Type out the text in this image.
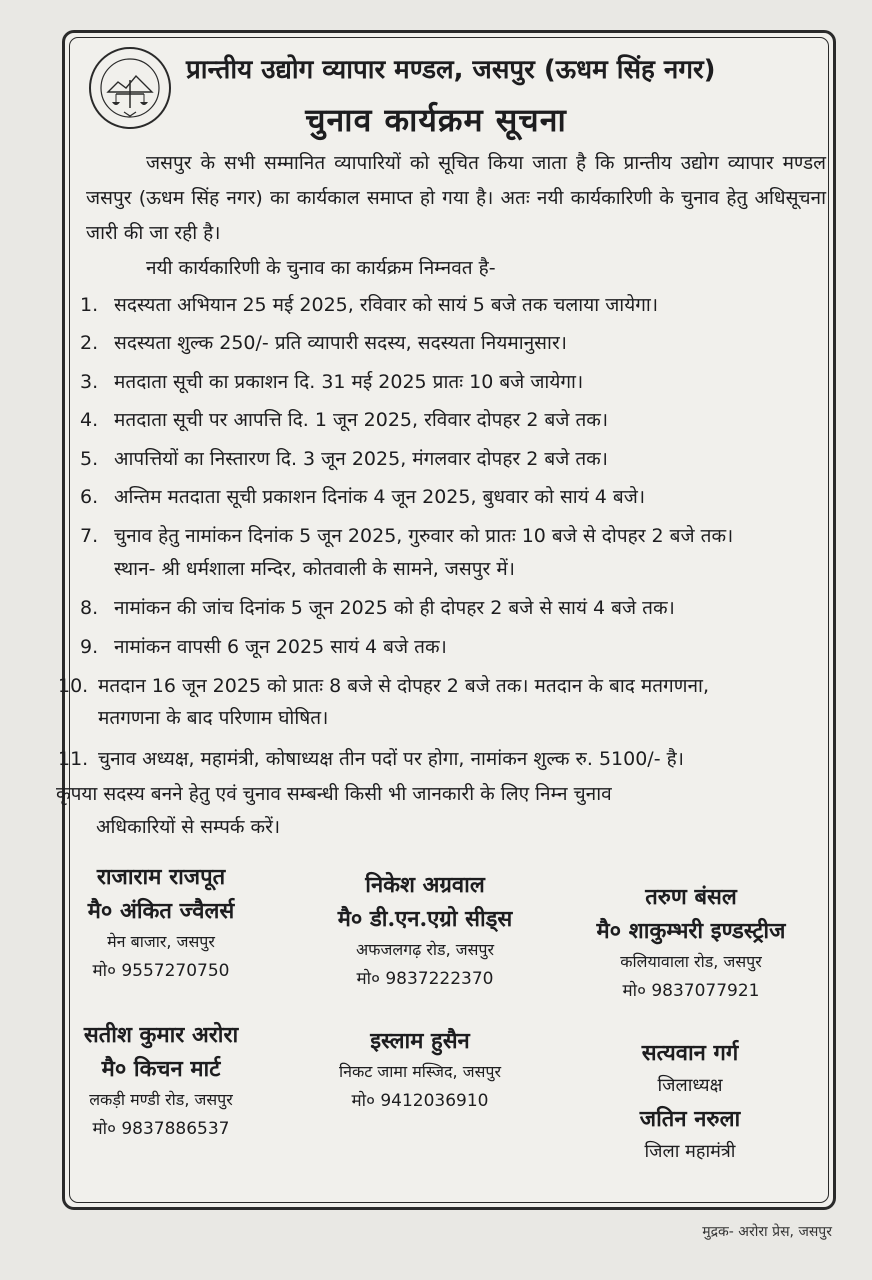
प्रान्तीय उद्योग व्यापार मण्डल, जसपुर (ऊधम सिंह नगर)
चुनाव कार्यक्रम सूचना
जसपुर के सभी सम्मानित व्यापारियों को सूचित किया जाता है कि प्रान्तीय उद्योग व्यापार मण्डल जसपुर (ऊधम सिंह नगर) का कार्यकाल समाप्त हो गया है। अतः नयी कार्यकारिणी के चुनाव हेतु अधिसूचना जारी की जा रही है।
नयी कार्यकारिणी के चुनाव का कार्यक्रम निम्नवत है-
1. सदस्यता अभियान 25 मई 2025, रविवार को सायं 5 बजे तक चलाया जायेगा।
2. सदस्यता शुल्क 250/- प्रति व्यापारी सदस्य, सदस्यता नियमानुसार।
3. मतदाता सूची का प्रकाशन दि. 31 मई 2025 प्रातः 10 बजे जायेगा।
4. मतदाता सूची पर आपत्ति दि. 1 जून 2025, रविवार दोपहर 2 बजे तक।
5. आपत्तियों का निस्तारण दि. 3 जून 2025, मंगलवार दोपहर 2 बजे तक।
6. अन्तिम मतदाता सूची प्रकाशन दिनांक 4 जून 2025, बुधवार को सायं 4 बजे।
7. चुनाव हेतु नामांकन दिनांक 5 जून 2025, गुरुवार को प्रातः 10 बजे से दोपहर 2 बजे तक।
स्थान- श्री धर्मशाला मन्दिर, कोतवाली के सामने, जसपुर में।
8. नामांकन की जांच दिनांक 5 जून 2025 को ही दोपहर 2 बजे से सायं 4 बजे तक।
9. नामांकन वापसी 6 जून 2025 सायं 4 बजे तक।
10. मतदान 16 जून 2025 को प्रातः 8 बजे से दोपहर 2 बजे तक। मतदान के बाद मतगणना,
मतगणना के बाद परिणाम घोषित।
11. चुनाव अध्यक्ष, महामंत्री, कोषाध्यक्ष तीन पदों पर होगा, नामांकन शुल्क रु. 5100/- है।
कृपया सदस्य बनने हेतु एवं चुनाव सम्बन्धी किसी भी जानकारी के लिए निम्न चुनाव
अधिकारियों से सम्पर्क करें।
राजाराम राजपूत
मै० अंकित ज्वैलर्स
मेन बाजार, जसपुर
मो० 9557270750
निकेश अग्रवाल
मै० डी.एन.एग्रो सीड्स
अफजलगढ़ रोड, जसपुर
मो० 9837222370
तरुण बंसल
मै० शाकुम्भरी इण्डस्ट्रीज
कलियावाला रोड, जसपुर
मो० 9837077921
सतीश कुमार अरोरा
मै० किचन मार्ट
लकड़ी मण्डी रोड, जसपुर
मो० 9837886537
इस्लाम हुसैन
निकट जामा मस्जिद, जसपुर
मो० 9412036910
सत्यवान गर्ग
जिलाध्यक्ष
जतिन नरुला
जिला महामंत्री
मुद्रक- अरोरा प्रेस, जसपुर
